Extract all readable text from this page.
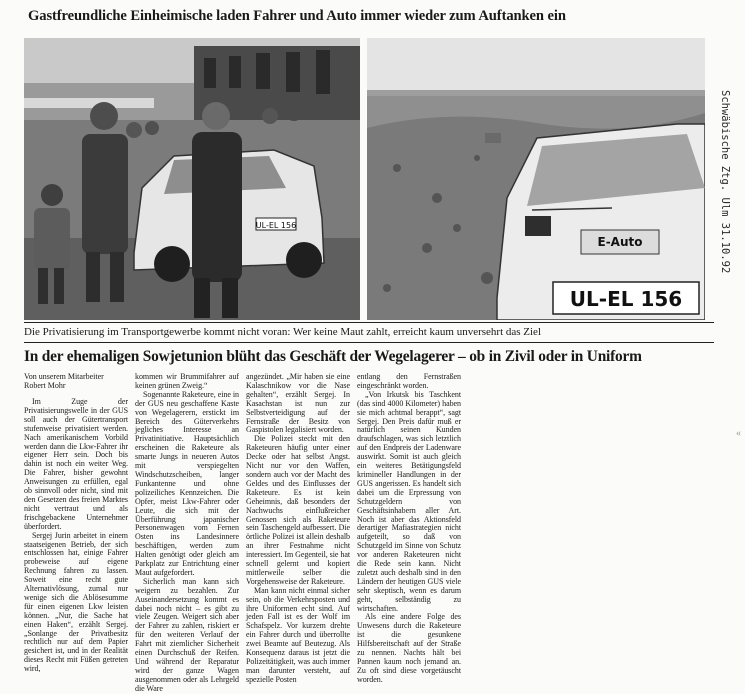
Gastfreundliche Einheimische laden Fahrer und Auto immer wieder zum Auftanken ein
UL-EL 156
E-Auto
UL-EL 156
Die Privatisierung im Transportgewerbe kommt nicht voran: Wer keine Maut zahlt, erreicht kaum unversehrt das Ziel
In der ehemaligen Sowjetunion blüht das Geschäft der Wegelagerer – ob in Zivil oder in Uniform
Von unserem Mitarbeiter
Robert Mohr

Im Zuge der Privatisierungswelle in der GUS soll auch der Gütertransport stufenweise privatisiert werden. Nach amerikanischem Vorbild werden dann die Lkw-Fahrer ihr eigener Herr sein. Doch bis dahin ist noch ein weiter Weg. Die Fahrer, bisher gewohnt Anweisungen zu erfüllen, egal ob sinnvoll oder nicht, sind mit den Gesetzen des freien Marktes nicht vertraut und als frischgebackene Unternehmer überfordert.

Sergej Jurin arbeitet in einem staatseigenen Betrieb, der sich entschlossen hat, einige Fahrer probeweise auf eigene Rechnung fahren zu lassen. Soweit eine recht gute Alternativlösung, zumal nur wenige sich die Ablösesumme für einen eigenen Lkw leisten können. „Nur, die Sache hat einen Haken“, erzählt Sergej. „Sonlange der Privatbesitz rechtlich nur auf dem Papier gesichert ist, und in der Realität dieses Recht mit Füßen getreten wird,

kommen wir Brummifahrer auf keinen grünen Zweig.“

Sogenannte Raketeure, eine in der GUS neu geschaffene Kaste von Wegelagerern, erstickt im Bereich des Güterverkehrs jegliches Interesse an Privatinitiative. Hauptsächlich erscheinen die Raketeure als smarte Jungs in neueren Autos mit verspiegelten Windschutzscheiben, langer Funkantenne und ohne polizeiliches Kennzeichen. Die Opfer, meist Lkw-Fahrer oder Leute, die sich mit der Überführung japanischer Personenwagen vom Fernen Osten ins Landesinnere beschäftigen, werden zum Halten genötigt oder gleich am Parkplatz zur Entrichtung einer Maut aufgefordert.

Sicherlich man kann sich weigern zu bezahlen. Zur Auseinandersetzung kommt es dabei noch nicht – es gibt zu viele Zeugen. Weigert sich aber der Fahrer zu zahlen, riskiert er für den weiteren Verlauf der Fahrt mit ziemlicher Sicherheit einen Durchschuß der Reifen. Und während der Reparatur wird der ganze Wagen ausgenommen oder als Lehrgeld die Ware

angezündet. „Mir haben sie eine Kalaschnikow vor die Nase gehalten“, erzählt Sergej. In Kasachstan ist nun zur Selbstverteidigung auf der Fernstraße der Besitz von Gaspistolen legalisiert worden.

Die Polizei steckt mit den Raketeuren häufig unter einer Decke oder hat selbst Angst. Nicht nur vor den Waffen, sondern auch vor der Macht des Geldes und des Einflusses der Raketeure. Es ist kein Geheimnis, daß besonders der Nachwuchs einflußreicher Genossen sich als Raketeure sein Taschengeld aufbessert. Die örtliche Polizei ist allein deshalb an ihrer Festnahme nicht interessiert. Im Gegenteil, sie hat schnell gelernt und kopiert mittlerweile selber die Vorgehensweise der Raketeure.

Man kann nicht einmal sicher sein, ob die Verkehrsposten und ihre Uniformen echt sind. Auf jeden Fall ist es der Wolf im Schafspelz. Vor kurzem drehte ein Fahrer durch und überrollte zwei Beamte auf Beutezug. Als Konsequenz daraus ist jetzt die Polizeitätigkeit, was auch immer man darunter versteht, auf spezielle Posten

entlang den Fernstraßen eingeschränkt worden.

„Von Irkutsk bis Taschkent (das sind 4000 Kilometer) haben sie mich achtmal berappt“, sagt Sergej. Den Preis dafür muß er natürlich seinen Kunden draufschlagen, was sich letztlich auf den Endpreis der Ladenware auswirkt. Somit ist auch gleich ein weiteres Betätigungsfeld krimineller Handlungen in der GUS angerissen. Es handelt sich dabei um die Erpressung von Schutzgeldern von Geschäftsinhabern aller Art. Noch ist aber das Aktionsfeld derartiger Mafiastrategien nicht aufgeteilt, so daß von Schutzgeld im Sinne von Schutz vor anderen Raketeuren nicht die Rede sein kann. Nicht zuletzt auch deshalb sind in den Ländern der heutigen GUS viele sehr skeptisch, wenn es darum geht, selbständig zu wirtschaften.

Als eine andere Folge des Unwesens durch die Raketeure ist die gesunkene Hilfsbereitschaft auf der Straße zu nennen. Nachts hält bei Pannen kaum noch jemand an. Zu oft sind diese vorgetäuscht worden.

Schwäbische Ztg. Ulm 31.10.92
«
